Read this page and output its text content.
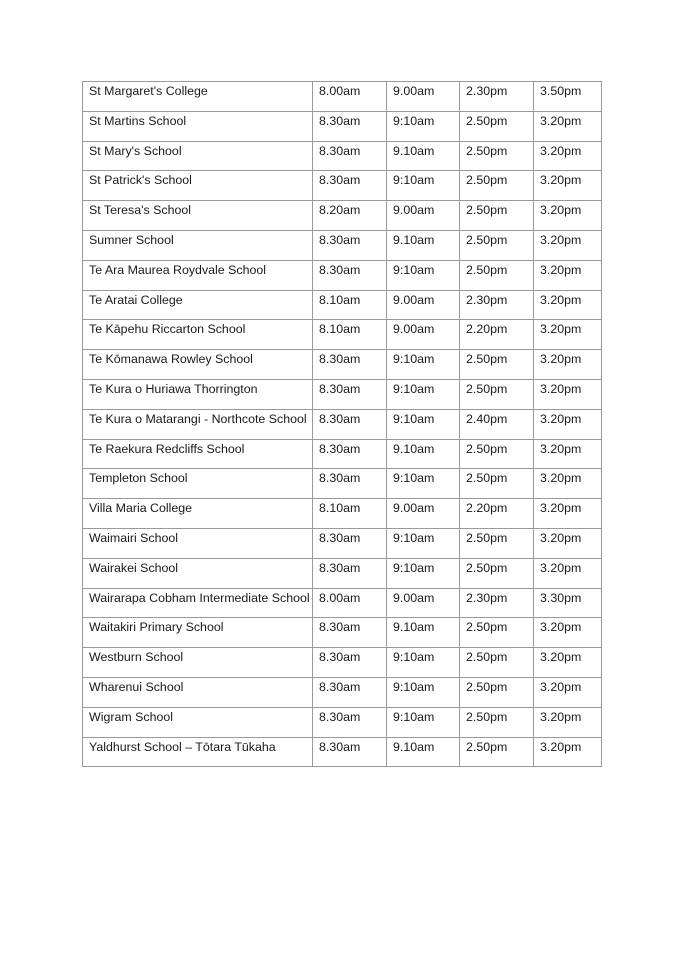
St Margaret's College	8.00am	9.00am	2.30pm	3.50pm
St Martins School	8.30am	9:10am	2.50pm	3.20pm
St Mary's School	8.30am	9.10am	2.50pm	3.20pm
St Patrick's School	8.30am	9:10am	2.50pm	3.20pm
St Teresa's School	8.20am	9.00am	2.50pm	3.20pm
Sumner School	8.30am	9.10am	2.50pm	3.20pm
Te Ara Maurea Roydvale School	8.30am	9:10am	2.50pm	3.20pm
Te Aratai College	8.10am	9.00am	2.30pm	3.20pm
Te Kāpehu Riccarton School	8.10am	9.00am	2.20pm	3.20pm
Te Kōmanawa Rowley School	8.30am	9:10am	2.50pm	3.20pm
Te Kura o Huriawa Thorrington	8.30am	9:10am	2.50pm	3.20pm
Te Kura o Matarangi - Northcote School	8.30am	9:10am	2.40pm	3.20pm
Te Raekura Redcliffs School	8.30am	9.10am	2.50pm	3.20pm
Templeton School	8.30am	9:10am	2.50pm	3.20pm
Villa Maria College	8.10am	9.00am	2.20pm	3.20pm
Waimairi School	8.30am	9:10am	2.50pm	3.20pm
Wairakei School	8.30am	9:10am	2.50pm	3.20pm
Wairarapa Cobham Intermediate School	8.00am	9.00am	2.30pm	3.30pm
Waitakiri Primary School	8.30am	9.10am	2.50pm	3.20pm
Westburn School	8.30am	9:10am	2.50pm	3.20pm
Wharenui School	8.30am	9:10am	2.50pm	3.20pm
Wigram School	8.30am	9:10am	2.50pm	3.20pm
Yaldhurst School – Tōtara Tūkaha	8.30am	9.10am	2.50pm	3.20pm
